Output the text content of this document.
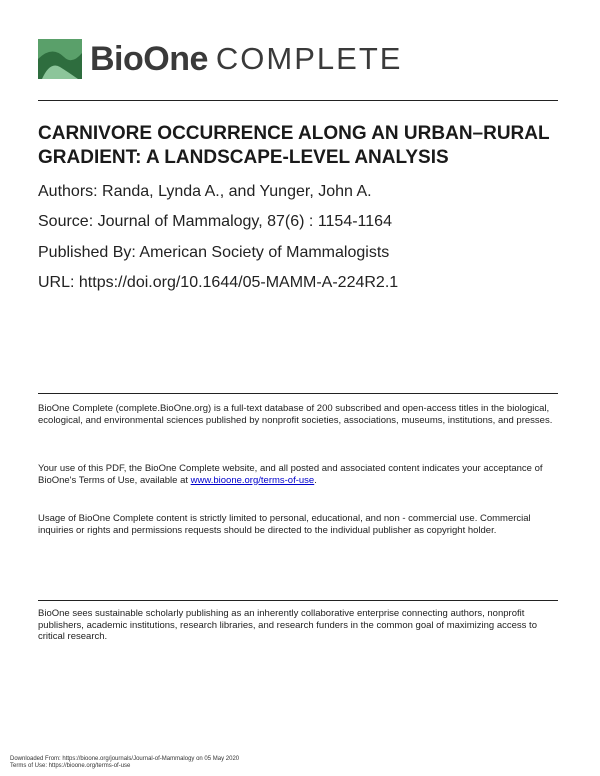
BioOne COMPLETE
CARNIVORE OCCURRENCE ALONG AN URBAN–RURAL GRADIENT: A LANDSCAPE-LEVEL ANALYSIS
Authors: Randa, Lynda A., and Yunger, John A.
Source: Journal of Mammalogy, 87(6) : 1154-1164
Published By: American Society of Mammalogists
URL: https://doi.org/10.1644/05-MAMM-A-224R2.1
BioOne Complete (complete.BioOne.org) is a full-text database of 200 subscribed and open-access titles in the biological, ecological, and environmental sciences published by nonprofit societies, associations, museums, institutions, and presses.
Your use of this PDF, the BioOne Complete website, and all posted and associated content indicates your acceptance of BioOne's Terms of Use, available at www.bioone.org/terms-of-use.
Usage of BioOne Complete content is strictly limited to personal, educational, and non - commercial use. Commercial inquiries or rights and permissions requests should be directed to the individual publisher as copyright holder.
BioOne sees sustainable scholarly publishing as an inherently collaborative enterprise connecting authors, nonprofit publishers, academic institutions, research libraries, and research funders in the common goal of maximizing access to critical research.
Downloaded From: https://bioone.org/journals/Journal-of-Mammalogy on 05 May 2020
Terms of Use: https://bioone.org/terms-of-use
